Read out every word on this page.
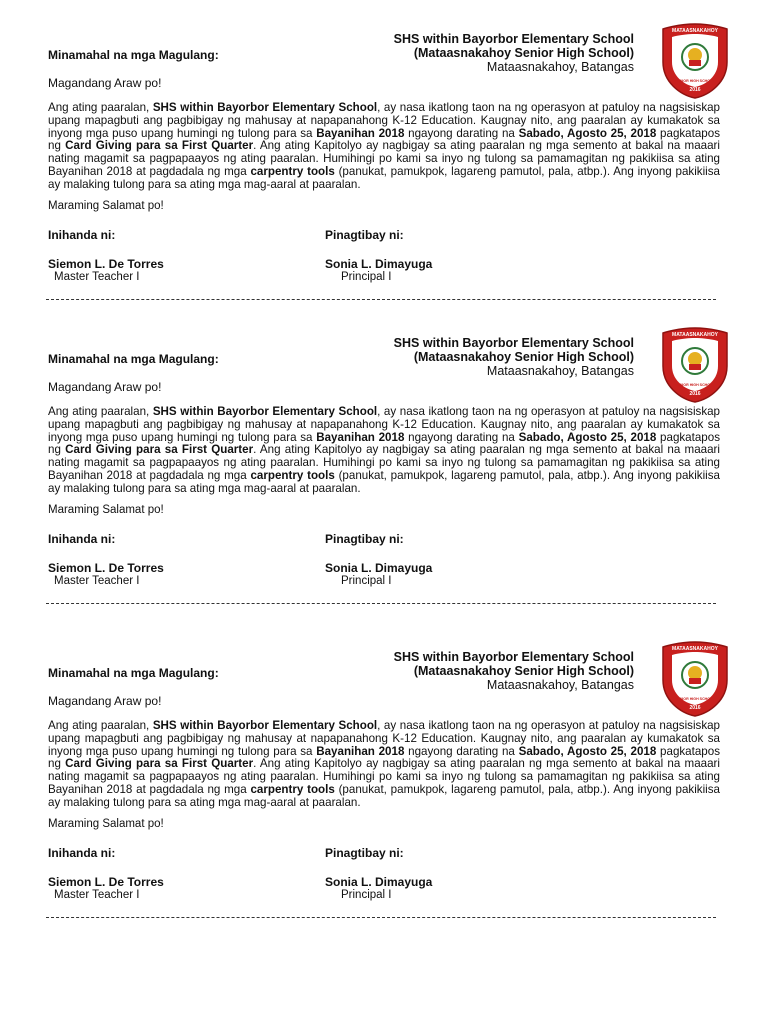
SHS within Bayorbor Elementary School
(Mataasnakahoy Senior High School)
Mataasnakahoy, Batangas
MATAASNAKAHOY
SENIOR HIGH SCHOOL
2016
Minamahal na mga Magulang:
Magandang Araw po!
Ang ating paaralan, SHS within Bayorbor Elementary School, ay nasa ikatlong taon na ng operasyon at patuloy na nagsisiskap upang mapagbuti ang pagbibigay ng mahusay at napapanahong K-12 Education. Kaugnay nito, ang paaralan ay kumakatok sa inyong mga puso upang humingi ng tulong para sa Bayanihan 2018 ngayong darating na Sabado, Agosto 25, 2018 pagkatapos ng Card Giving para sa First Quarter. Ang ating Kapitolyo ay nagbigay sa ating paaralan ng mga semento at bakal na maaari nating magamit sa pagpapaayos ng ating paaralan. Humihingi po kami sa inyo ng tulong sa pamamagitan ng pakikiisa sa ating Bayanihan 2018 at pagdadala ng mga carpentry tools (panukat, pamukpok, lagareng pamutol, pala, atbp.). Ang inyong pakikiisa ay malaking tulong para sa ating mga mag-aaral at paaralan.
Maraming Salamat po!
Inihanda ni:
Siemon L. De Torres
Master Teacher I
Pinagtibay ni:
Sonia L. Dimayuga
Principal I
SHS within Bayorbor Elementary School
(Mataasnakahoy Senior High School)
Mataasnakahoy, Batangas
MATAASNAKAHOY
SENIOR HIGH SCHOOL
2016
Minamahal na mga Magulang:
Magandang Araw po!
Ang ating paaralan, SHS within Bayorbor Elementary School, ay nasa ikatlong taon na ng operasyon at patuloy na nagsisiskap upang mapagbuti ang pagbibigay ng mahusay at napapanahong K-12 Education. Kaugnay nito, ang paaralan ay kumakatok sa inyong mga puso upang humingi ng tulong para sa Bayanihan 2018 ngayong darating na Sabado, Agosto 25, 2018 pagkatapos ng Card Giving para sa First Quarter. Ang ating Kapitolyo ay nagbigay sa ating paaralan ng mga semento at bakal na maaari nating magamit sa pagpapaayos ng ating paaralan. Humihingi po kami sa inyo ng tulong sa pamamagitan ng pakikiisa sa ating Bayanihan 2018 at pagdadala ng mga carpentry tools (panukat, pamukpok, lagareng pamutol, pala, atbp.). Ang inyong pakikiisa ay malaking tulong para sa ating mga mag-aaral at paaralan.
Maraming Salamat po!
Inihanda ni:
Siemon L. De Torres
Master Teacher I
Pinagtibay ni:
Sonia L. Dimayuga
Principal I
SHS within Bayorbor Elementary School
(Mataasnakahoy Senior High School)
Mataasnakahoy, Batangas
MATAASNAKAHOY
SENIOR HIGH SCHOOL
2016
Minamahal na mga Magulang:
Magandang Araw po!
Ang ating paaralan, SHS within Bayorbor Elementary School, ay nasa ikatlong taon na ng operasyon at patuloy na nagsisiskap upang mapagbuti ang pagbibigay ng mahusay at napapanahong K-12 Education. Kaugnay nito, ang paaralan ay kumakatok sa inyong mga puso upang humingi ng tulong para sa Bayanihan 2018 ngayong darating na Sabado, Agosto 25, 2018 pagkatapos ng Card Giving para sa First Quarter. Ang ating Kapitolyo ay nagbigay sa ating paaralan ng mga semento at bakal na maaari nating magamit sa pagpapaayos ng ating paaralan. Humihingi po kami sa inyo ng tulong sa pamamagitan ng pakikiisa sa ating Bayanihan 2018 at pagdadala ng mga carpentry tools (panukat, pamukpok, lagareng pamutol, pala, atbp.). Ang inyong pakikiisa ay malaking tulong para sa ating mga mag-aaral at paaralan.
Maraming Salamat po!
Inihanda ni:
Siemon L. De Torres
Master Teacher I
Pinagtibay ni:
Sonia L. Dimayuga
Principal I
